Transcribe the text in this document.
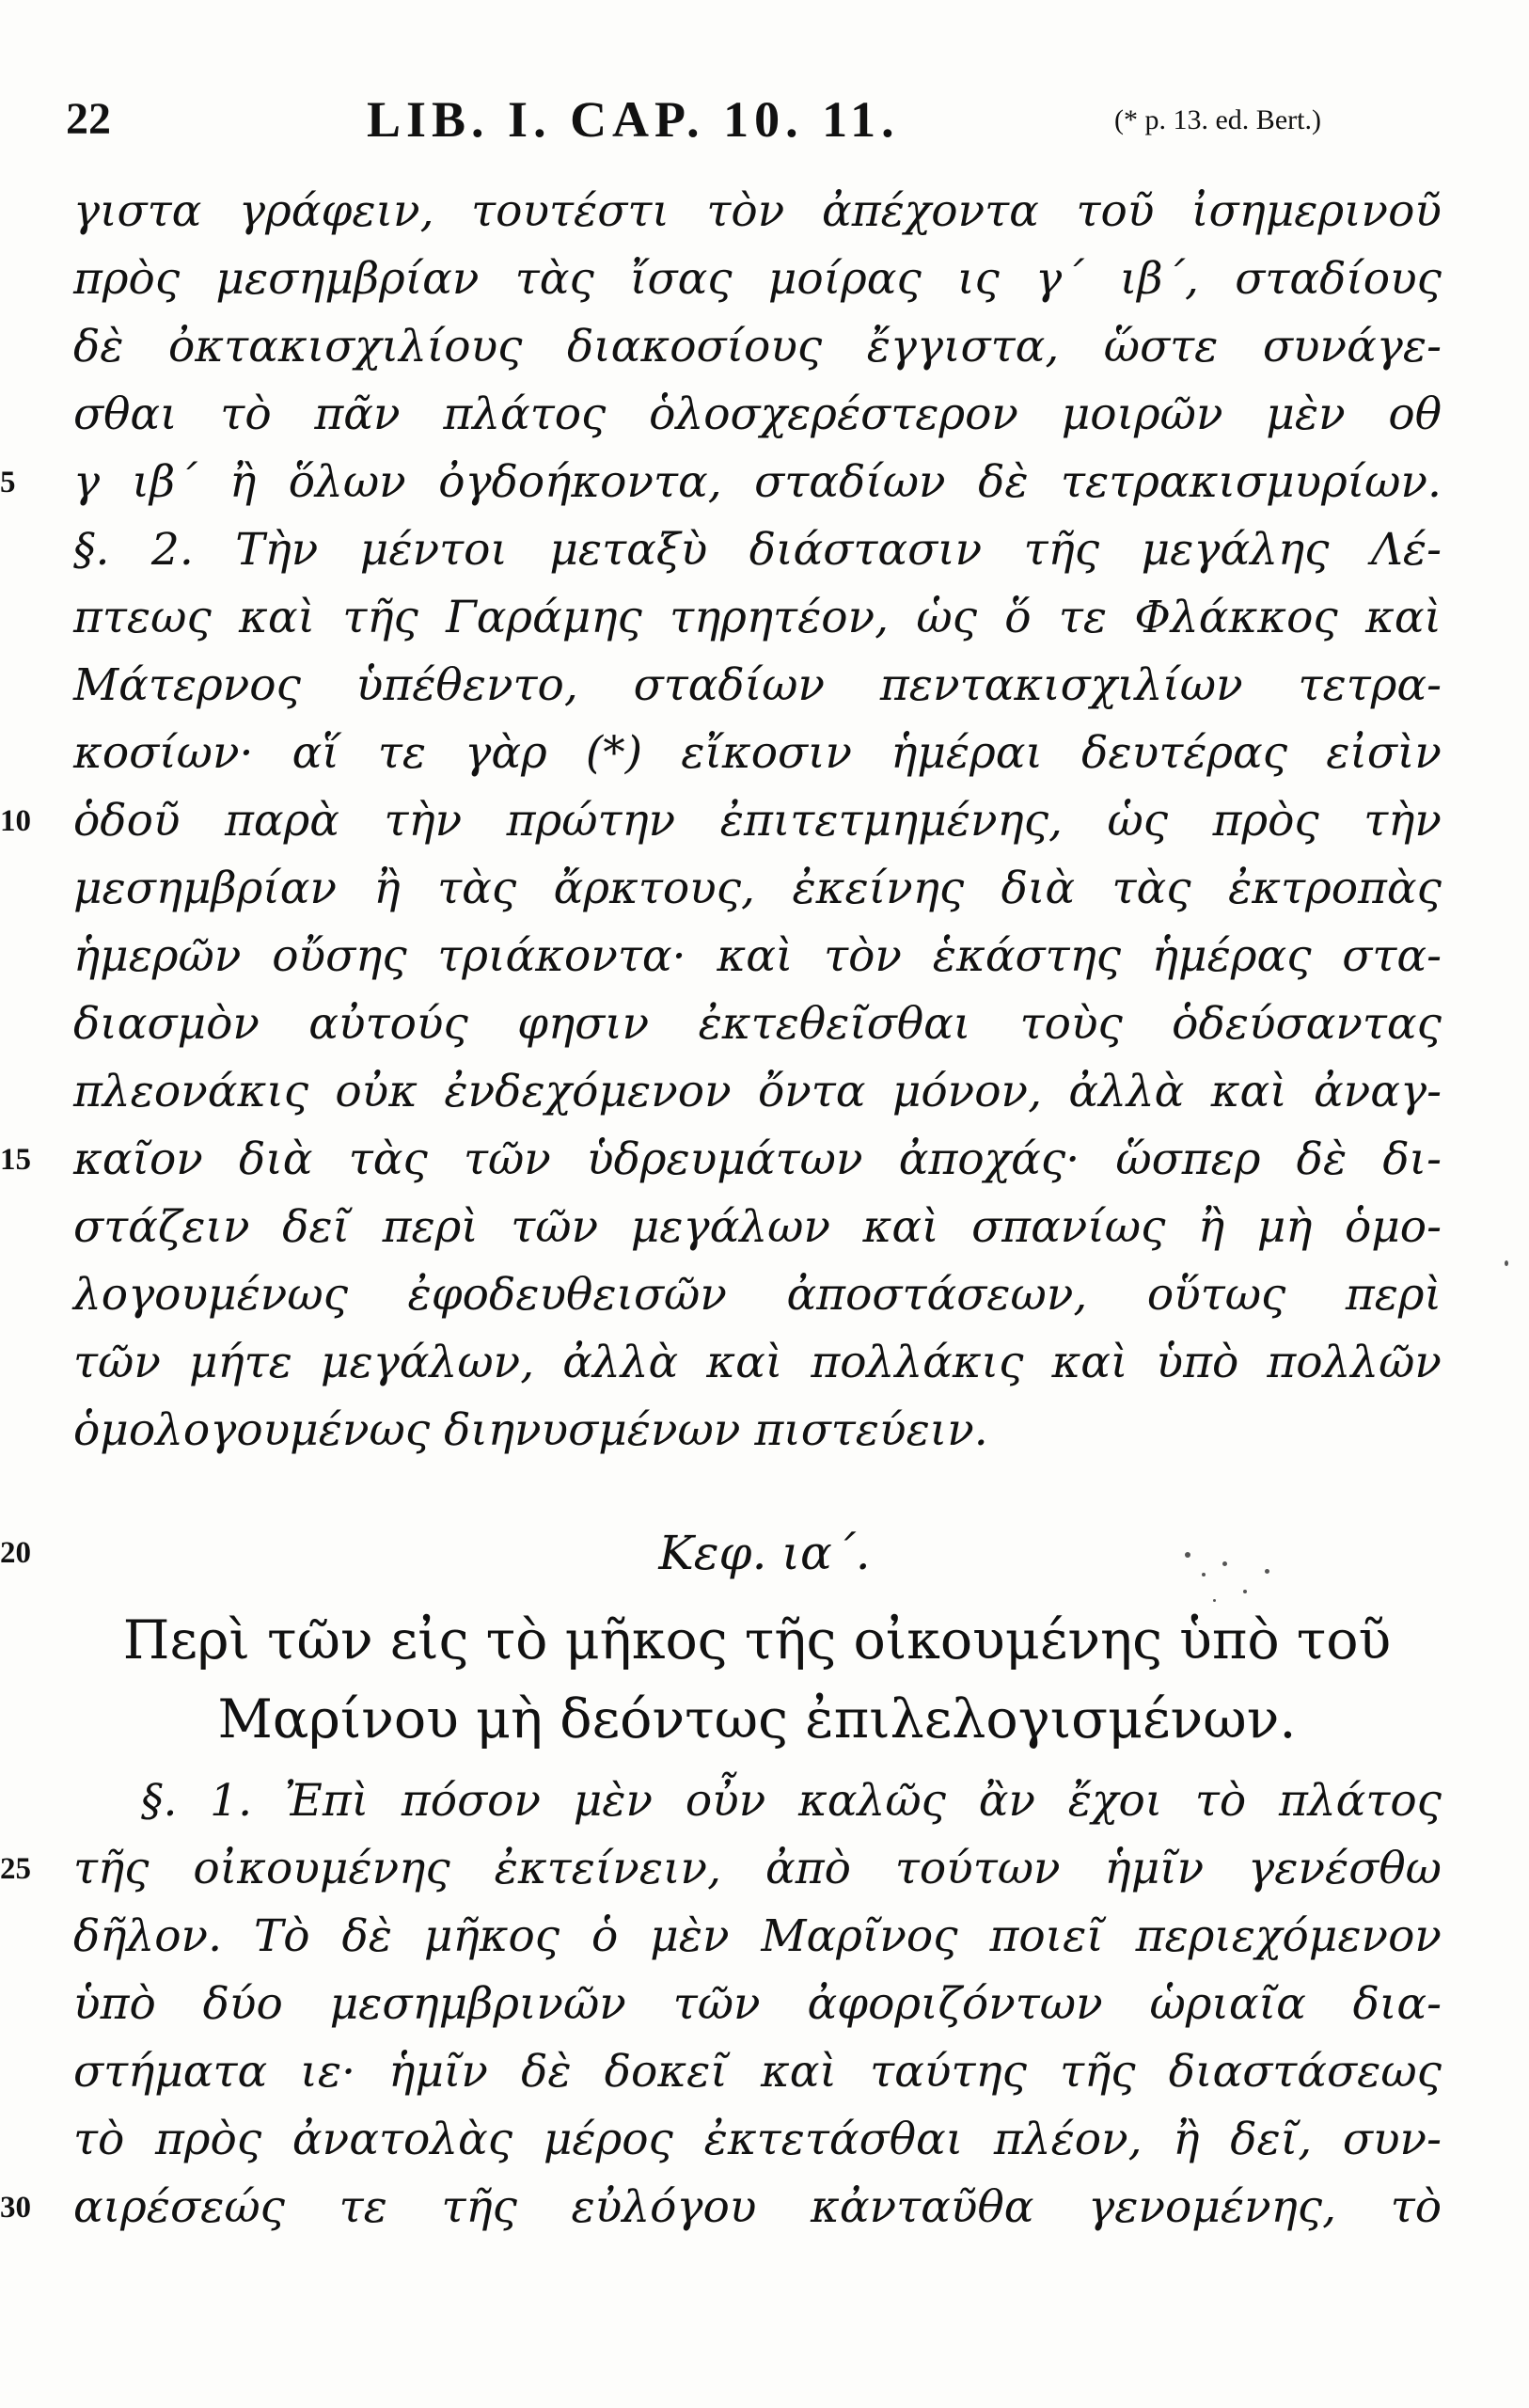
22	LIB. I. CAP. 10. 11.	(* p. 13. ed. Bert.)
γιστα γράφειν, τουτέστι τὸν ἀπέχοντα τοῦ ἰσημερινοῦ
πρὸς μεσημβρίαν τὰς ἴσας μοίρας ις γ΄ ιβ΄, σταδίους
δὲ ὀκτακισχιλίους διακοσίους ἔγγιστα, ὥστε συνάγε-
σθαι τὸ πᾶν πλάτος ὁλοσχερέστερον μοιρῶν μὲν οθ
γ ιβ΄ ἢ ὅλων ὀγδοήκοντα, σταδίων δὲ τετρακισμυρίων.
§. 2. Τὴν μέντοι μεταξὺ διάστασιν τῆς μεγάλης Λέ-
πτεως καὶ τῆς Γαράμης τηρητέον, ὡς ὅ τε Φλάκκος καὶ
Μάτερνος ὑπέθεντο, σταδίων πεντακισχιλίων τετρα-
κοσίων· αἵ τε γὰρ (*) εἴκοσιν ἡμέραι δευτέρας εἰσὶν
ὁδοῦ παρὰ τὴν πρώτην ἐπιτετμημένης, ὡς πρὸς τὴν
μεσημβρίαν ἢ τὰς ἄρκτους, ἐκείνης διὰ τὰς ἐκτροπὰς
ἡμερῶν οὔσης τριάκοντα· καὶ τὸν ἑκάστης ἡμέρας στα-
διασμὸν αὐτούς φησιν ἐκτεθεῖσθαι τοὺς ὁδεύσαντας
πλεονάκις οὐκ ἐνδεχόμενον ὄντα μόνον, ἀλλὰ καὶ ἀναγ-
καῖον διὰ τὰς τῶν ὑδρευμάτων ἀποχάς· ὥσπερ δὲ δι-
στάζειν δεῖ περὶ τῶν μεγάλων καὶ σπανίως ἢ μὴ ὁμο-
λογουμένως ἐφοδευθεισῶν ἀποστάσεων, οὕτως περὶ
τῶν μήτε μεγάλων, ἀλλὰ καὶ πολλάκις καὶ ὑπὸ πολλῶν
ὁμολογουμένως διηνυσμένων πιστεύειν.
Κεφ. ια΄.
Περὶ τῶν εἰς τὸ μῆκος τῆς οἰκουμένης ὑπὸ τοῦ
Μαρίνου μὴ δεόντως ἐπιλελογισμένων.
§. 1. Ἐπὶ πόσον μὲν οὖν καλῶς ἂν ἔχοι τὸ πλάτος
τῆς οἰκουμένης ἐκτείνειν, ἀπὸ τούτων ἡμῖν γενέσθω
δῆλον. Τὸ δὲ μῆκος ὁ μὲν Μαρῖνος ποιεῖ περιεχόμενον
ὑπὸ δύο μεσημβρινῶν τῶν ἀφοριζόντων ὡριαῖα δια-
στήματα ιε· ἡμῖν δὲ δοκεῖ καὶ ταύτης τῆς διαστάσεως
τὸ πρὸς ἀνατολὰς μέρος ἐκτετάσθαι πλέον, ἢ δεῖ, συν-
αιρέσεώς τε τῆς εὐλόγου κἀνταῦθα γενομένης, τὸ
5
10
15
20
25
30
